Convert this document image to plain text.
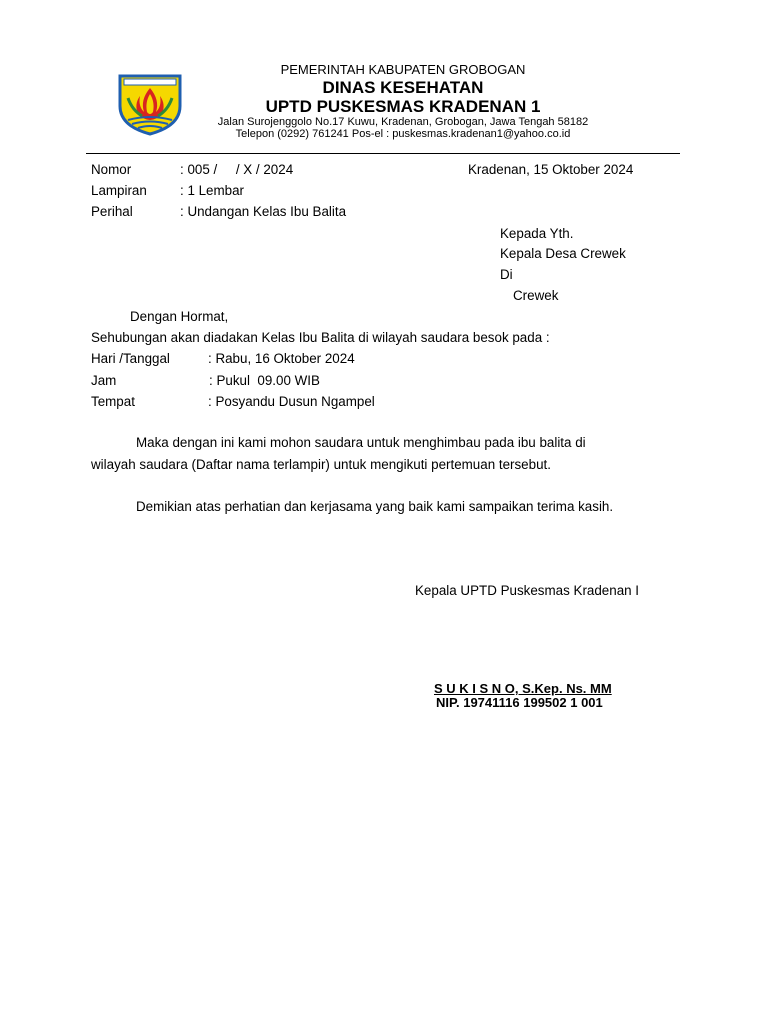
PEMERINTAH KABUPATEN GROBOGAN
DINAS KESEHATAN
UPTD PUSKESMAS KRADENAN 1
Jalan Surojenggolo No.17 Kuwu, Kradenan, Grobogan, Jawa Tengah 58182
Telepon (0292) 761241 Pos-el : puskesmas.kradenan1@yahoo.co.id
Nomor	: 005 /     / X / 2024	Kradenan, 15 Oktober 2024
Lampiran : 1 Lembar
Perihal	: Undangan Kelas Ibu Balita
Kepada Yth.
Kepala Desa Crewek
Di
Crewek
Dengan Hormat,
Sehubungan akan diadakan Kelas Ibu Balita di wilayah saudara besok pada :
Hari /Tanggal	: Rabu, 16 Oktober 2024
Jam	: Pukul  09.00 WIB
Tempat	: Posyandu Dusun Ngampel
Maka dengan ini kami mohon saudara untuk menghimbau pada ibu balita di
wilayah saudara (Daftar nama terlampir) untuk mengikuti pertemuan tersebut.
Demikian atas perhatian dan kerjasama yang baik kami sampaikan terima kasih.
Kepala UPTD Puskesmas Kradenan I
S U K I S N O, S.Kep. Ns. MM
NIP. 19741116 199502 1 001
